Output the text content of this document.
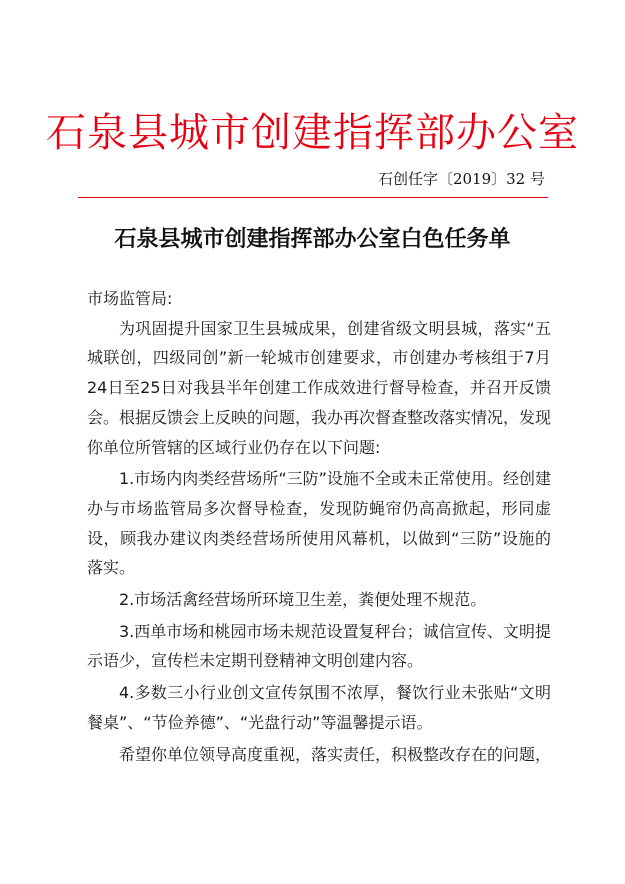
石泉县城市创建指挥部办公室
石创任字〔2019〕32 号
石泉县城市创建指挥部办公室白色任务单

市场监管局:

为巩固提升国家卫生县城成果，创建省级文明县城，落实“五城联创，四级同创”新一轮城市创建要求，市创建办考核组于7月24日至25日对我县半年创建工作成效进行督导检查，并召开反馈会。根据反馈会上反映的问题，我办再次督查整改落实情况，发现你单位所管辖的区域行业仍存在以下问题:

1.市场内肉类经营场所“三防”设施不全或未正常使用。经创建办与市场监管局多次督导检查，发现防蝇帘仍高高掀起，形同虚设，顾我办建议肉类经营场所使用风幕机，以做到“三防”设施的落实。

2.市场活禽经营场所环境卫生差，粪便处理不规范。

3.西单市场和桃园市场未规范设置复秤台；诚信宣传、文明提示语少，宣传栏未定期刊登精神文明创建内容。

4.多数三小行业创文宣传氛围不浓厚，餐饮行业未张贴“文明餐桌”、“节俭养德”、“光盘行动”等温馨提示语。

希望你单位领导高度重视，落实责任，积极整改存在的问题，
